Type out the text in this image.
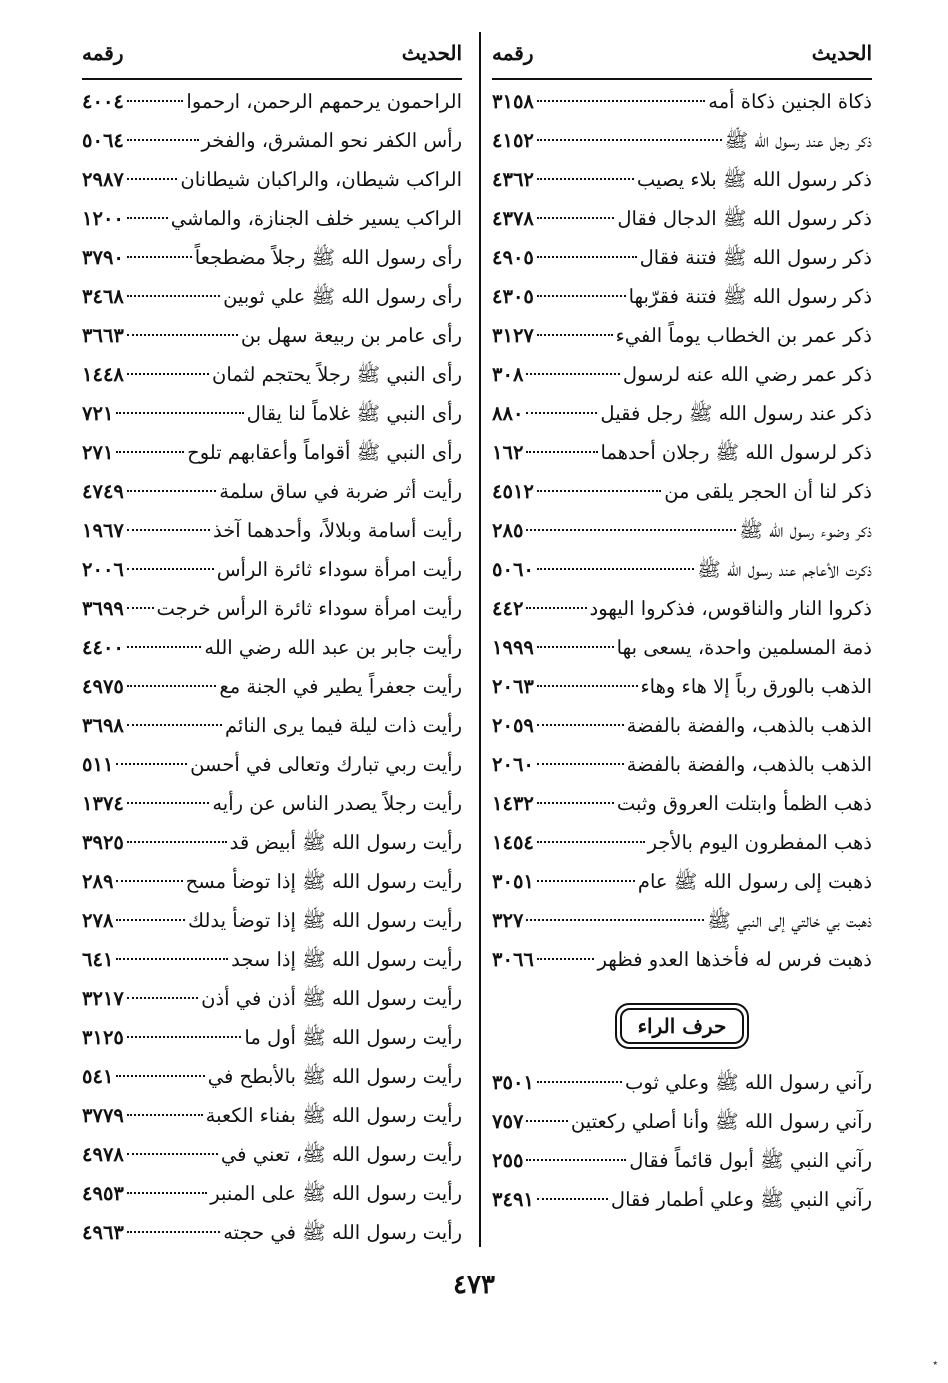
الحديث
رقمه
ذكاة الجنين ذكاة أمه
٣١٥٨
ذكر رجل عند رسول الله ﷺ
٤١٥٢
ذكر رسول الله ﷺ بلاء يصيب
٤٣٦٢
ذكر رسول الله ﷺ الدجال فقال
٤٣٧٨
ذكر رسول الله ﷺ فتنة فقال
٤٩٠٥
ذكر رسول الله ﷺ فتنة فقرّبها
٤٣٠٥
ذكر عمر بن الخطاب يوماً الفيء
٣١٢٧
ذكر عمر رضي الله عنه لرسول
٣٠٨
ذكر عند رسول الله ﷺ رجل فقيل
٨٨٠
ذكر لرسول الله ﷺ رجلان أحدهما
١٦٢
ذكر لنا أن الحجر يلقى من
٤٥١٢
ذكر وضوء رسول الله ﷺ
٢٨٥
ذكرت الأعاجم عند رسول الله ﷺ
٥٠٦٠
ذكروا النار والناقوس، فذكروا اليهود
٤٤٢
ذمة المسلمين واحدة، يسعى بها
١٩٩٩
الذهب بالورق رباً إلا هاء وهاء
٢٠٦٣
الذهب بالذهب، والفضة بالفضة
٢٠٥٩
الذهب بالذهب، والفضة بالفضة
٢٠٦٠
ذهب الظمأ وابتلت العروق وثبت
١٤٣٢
ذهب المفطرون اليوم بالأجر
١٤٥٤
ذهبت إلى رسول الله ﷺ عام
٣٠٥١
ذهبت بي خالتي إلى النبي ﷺ
٣٢٧
ذهبت فرس له فأخذها العدو فظهر
٣٠٦٦
حرف الراء
رآني رسول الله ﷺ وعلي ثوب
٣٥٠١
رآني رسول الله ﷺ وأنا أصلي ركعتين
٧٥٧
رآني النبي ﷺ أبول قائماً فقال
٢٥٥
رآني النبي ﷺ وعلي أطمار فقال
٣٤٩١
الحديث
رقمه
الراحمون يرحمهم الرحمن، ارحموا
٤٠٠٤
رأس الكفر نحو المشرق، والفخر
٥٠٦٤
الراكب شيطان، والراكبان شيطانان
٢٩٨٧
الراكب يسير خلف الجنازة، والماشي
١٢٠٠
رأى رسول الله ﷺ رجلاً مضطجعاً
٣٧٩٠
رأى رسول الله ﷺ علي ثوبين
٣٤٦٨
رأى عامر بن ربيعة سهل بن
٣٦٦٣
رأى النبي ﷺ رجلاً يحتجم لثمان
١٤٤٨
رأى النبي ﷺ غلاماً لنا يقال
٧٢١
رأى النبي ﷺ أقواماً وأعقابهم تلوح
٢٧١
رأيت أثر ضربة في ساق سلمة
٤٧٤٩
رأيت أسامة وبلالاً، وأحدهما آخذ
١٩٦٧
رأيت امرأة سوداء ثائرة الرأس
٢٠٠٦
رأيت امرأة سوداء ثائرة الرأس خرجت
٣٦٩٩
رأيت جابر بن عبد الله رضي الله
٤٤٠٠
رأيت جعفراً يطير في الجنة مع
٤٩٧٥
رأيت ذات ليلة فيما يرى النائم
٣٦٩٨
رأيت ربي تبارك وتعالى في أحسن
٥١١
رأيت رجلاً يصدر الناس عن رأيه
١٣٧٤
رأيت رسول الله ﷺ أبيض قد
٣٩٢٥
رأيت رسول الله ﷺ إذا توضأ مسح
٢٨٩
رأيت رسول الله ﷺ إذا توضأ يدلك
٢٧٨
رأيت رسول الله ﷺ إذا سجد
٦٤١
رأيت رسول الله ﷺ أذن في أذن
٣٢١٧
رأيت رسول الله ﷺ أول ما
٣١٢٥
رأيت رسول الله ﷺ بالأبطح في
٥٤١
رأيت رسول الله ﷺ بفناء الكعبة
٣٧٧٩
رأيت رسول الله ﷺ، تعني في
٤٩٧٨
رأيت رسول الله ﷺ على المنبر
٤٩٥٣
رأيت رسول الله ﷺ في حجته
٤٩٦٣
٤٧٣
٭
